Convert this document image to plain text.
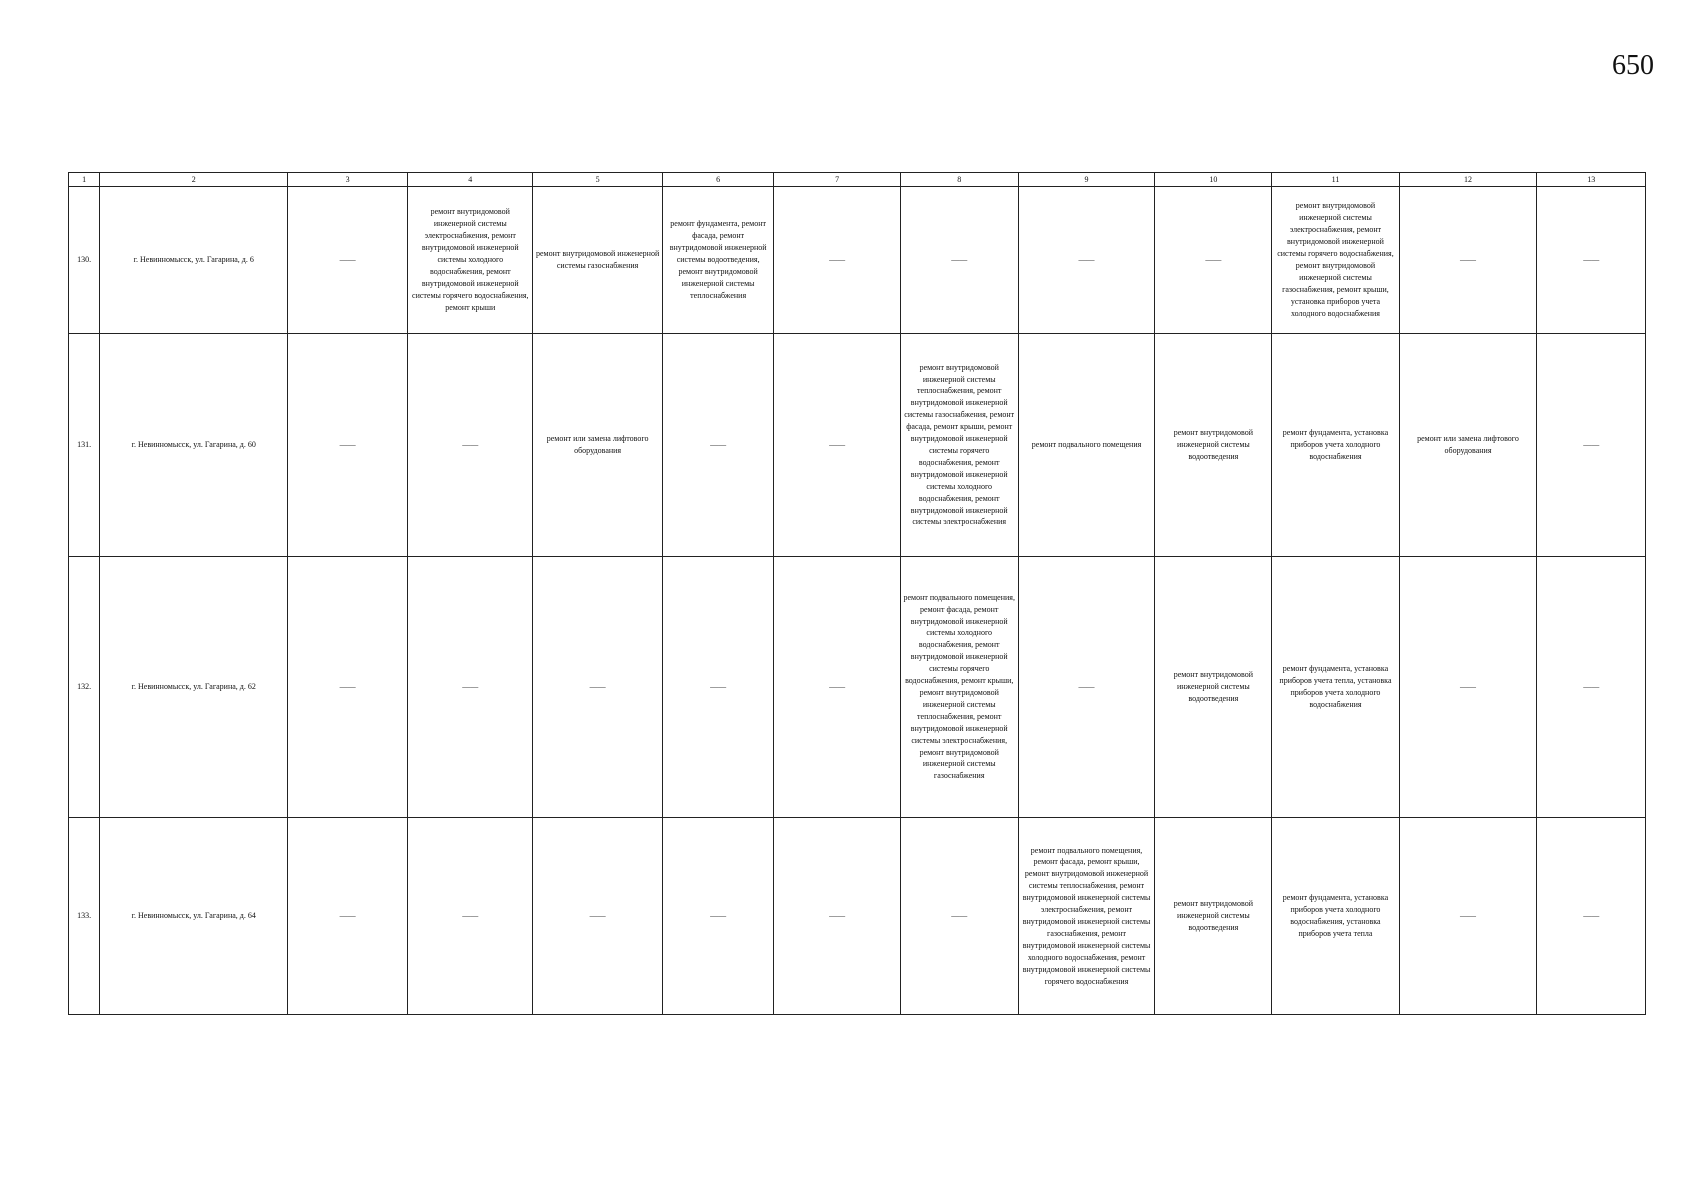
650
1	2	3	4	5	6	7	8	9	10	11	12	13
130.	г. Невинномысск, ул. Гагарина, д. 6	——	ремонт внутридомовой инженерной системы электроснабжения, ремонт внутридомовой инженерной системы холодного водоснабжения, ремонт внутридомовой инженерной системы горячего водоснабжения, ремонт крыши	ремонт внутридомовой инженерной системы газоснабжения	ремонт фундамента, ремонт фасада, ремонт внутридомовой инженерной системы водоотведения, ремонт внутридомовой инженерной системы теплоснабжения	——	——	——	——	ремонт внутридомовой инженерной системы электроснабжения, ремонт внутридомовой инженерной системы горячего водоснабжения, ремонт внутридомовой инженерной системы газоснабжения, ремонт крыши, установка приборов учета холодного водоснабжения	——	——
131.	г. Невинномысск, ул. Гагарина, д. 60	——	——	ремонт или замена лифтового оборудования	——	——	ремонт внутридомовой инженерной системы теплоснабжения, ремонт внутридомовой инженерной системы газоснабжения, ремонт фасада, ремонт крыши, ремонт внутридомовой инженерной системы горячего водоснабжения, ремонт внутридомовой инженерной системы холодного водоснабжения, ремонт внутридомовой инженерной системы электроснабжения	ремонт подвального помещения	ремонт внутридомовой инженерной системы водоотведения	ремонт фундамента, установка приборов учета холодного водоснабжения	ремонт или замена лифтового оборудования	——
132.	г. Невинномысск, ул. Гагарина, д. 62	——	——	——	——	——	ремонт подвального помещения, ремонт фасада, ремонт внутридомовой инженерной системы холодного водоснабжения, ремонт внутридомовой инженерной системы горячего водоснабжения, ремонт крыши, ремонт внутридомовой инженерной системы теплоснабжения, ремонт внутридомовой инженерной системы электроснабжения, ремонт внутридомовой инженерной системы газоснабжения	——	ремонт внутридомовой инженерной системы водоотведения	ремонт фундамента, установка приборов учета тепла, установка приборов учета холодного водоснабжения	——	——
133.	г. Невинномысск, ул. Гагарина, д. 64	——	——	——	——	——	——	ремонт подвального помещения, ремонт фасада, ремонт крыши, ремонт внутридомовой инженерной системы теплоснабжения, ремонт внутридомовой инженерной системы электроснабжения, ремонт внутридомовой инженерной системы газоснабжения, ремонт внутридомовой инженерной системы холодного водоснабжения, ремонт внутридомовой инженерной системы горячего водоснабжения	ремонт внутридомовой инженерной системы водоотведения	ремонт фундамента, установка приборов учета холодного водоснабжения, установка приборов учета тепла	——	——
